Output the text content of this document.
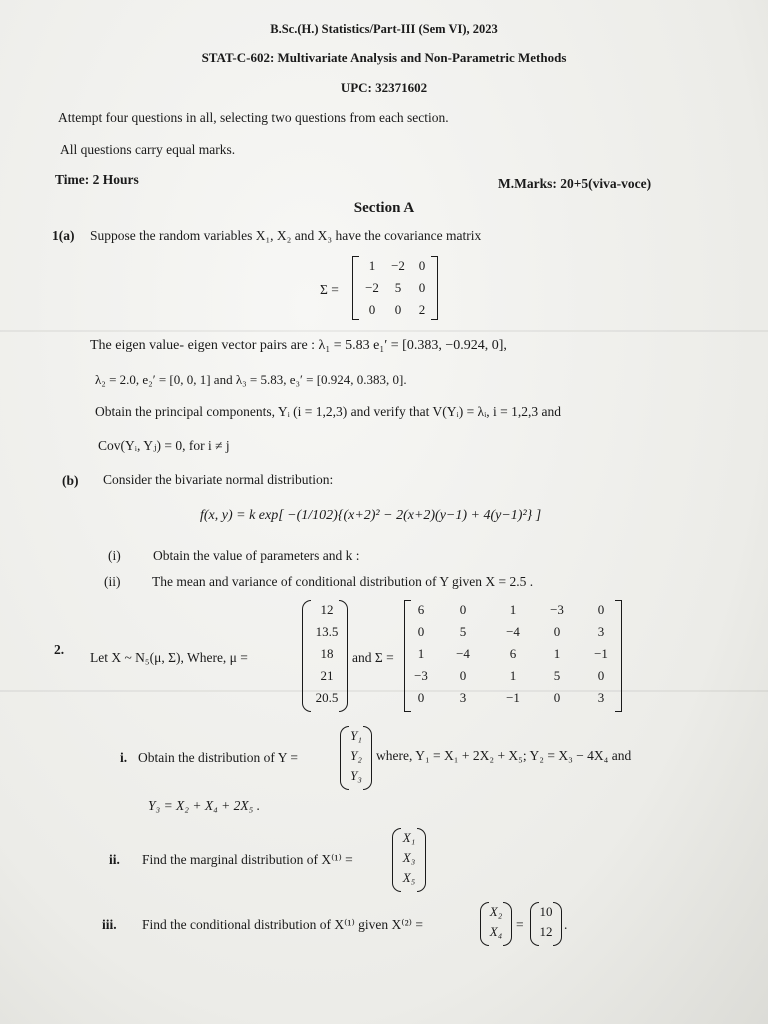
B.Sc.(H.) Statistics/Part-III (Sem VI), 2023
STAT-C-602: Multivariate Analysis and Non-Parametric Methods
UPC: 32371602
Attempt four questions in all, selecting two questions from each section.
All questions carry equal marks.
Time: 2 Hours	M.Marks: 20+5(viva-voce)
Section A
1(a) Suppose the random variables X₁, X₂ and X₃ have the covariance matrix
Σ =
1	−2	0
−2	5	0
0	0	2
The eigen value- eigen vector pairs are : λ₁ = 5.83 e₁′ = [0.383, −0.924, 0],
λ₂ = 2.0, e₂′ = [0, 0, 1] and λ₃ = 5.83, e₃′ = [0.924, 0.383, 0].
Obtain the principal components, Yᵢ (i = 1,2,3) and verify that V(Yᵢ) = λᵢ, i = 1,2,3 and
Cov(Yᵢ, Yⱼ) = 0, for i ≠ j
(b) Consider the bivariate normal distribution:
f(x, y) = k exp[ −(1/102){(x+2)² − 2(x+2)(y−1) + 4(y−1)²} ]
(i) Obtain the value of parameters and k :
(ii) The mean and variance of conditional distribution of Y given X = 2.5 .
2.
Let X ~ N₅(μ, Σ), Where, μ =
12
13.5
18
21
20.5
and Σ =
6	0	1	−3	0
0	5	−4	0	3
1	−4	6	1	−1
−3	0	1	5	0
0	3	−1	0	3
i. Obtain the distribution of Y =
Y₁
Y₂
Y₃
where, Y₁ = X₁ + 2X₂ + X₅; Y₂ = X₃ − 4X₄ and
Y₃ = X₂ + X₄ + 2X₅ .
ii. Find the marginal distribution of X⁽¹⁾ =
X₁
X₃
X₅
iii. Find the conditional distribution of X⁽¹⁾ given X⁽²⁾ =
X₂
X₄	=
10
12 .
